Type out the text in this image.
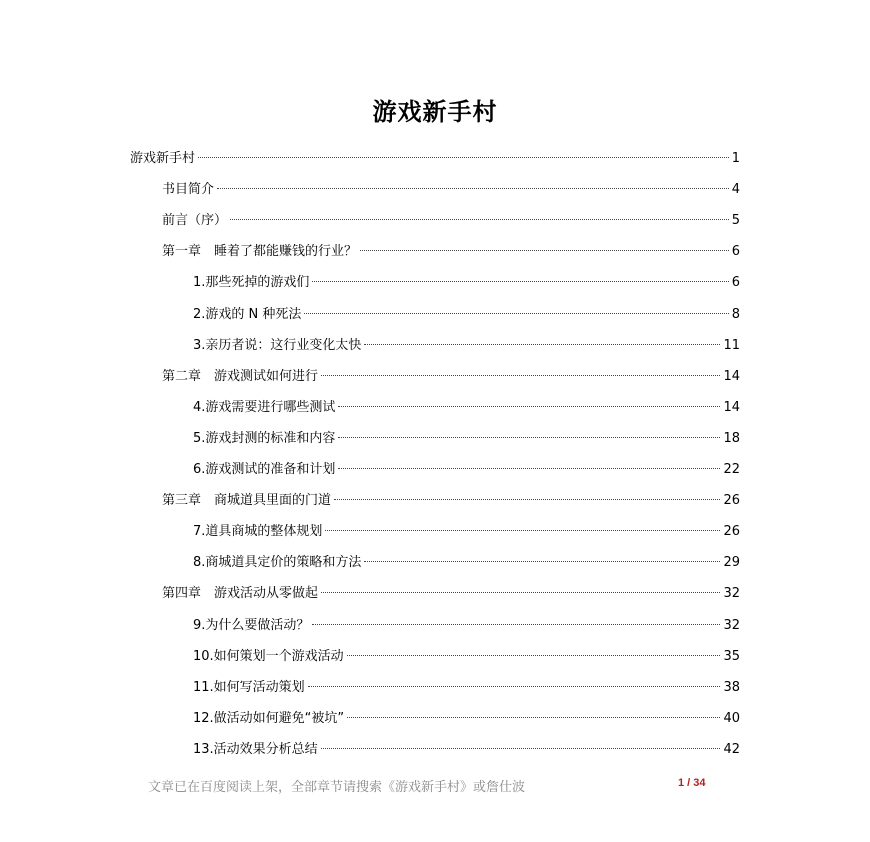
游戏新手村
游戏新手村	1
书目简介	4
前言（序）	5
第一章　睡着了都能赚钱的行业？	6
1.那些死掉的游戏们	6
2.游戏的 N 种死法	8
3.亲历者说：这行业变化太快	11
第二章　游戏测试如何进行	14
4.游戏需要进行哪些测试	14
5.游戏封测的标准和内容	18
6.游戏测试的准备和计划	22
第三章　商城道具里面的门道	26
7.道具商城的整体规划	26
8.商城道具定价的策略和方法	29
第四章　游戏活动从零做起	32
9.为什么要做活动？	32
10.如何策划一个游戏活动	35
11.如何写活动策划	38
12.做活动如何避免“被坑”	40
13.活动效果分析总结	42
文章已在百度阅读上架，全部章节请搜索《游戏新手村》或詹仕波	1 / 34
